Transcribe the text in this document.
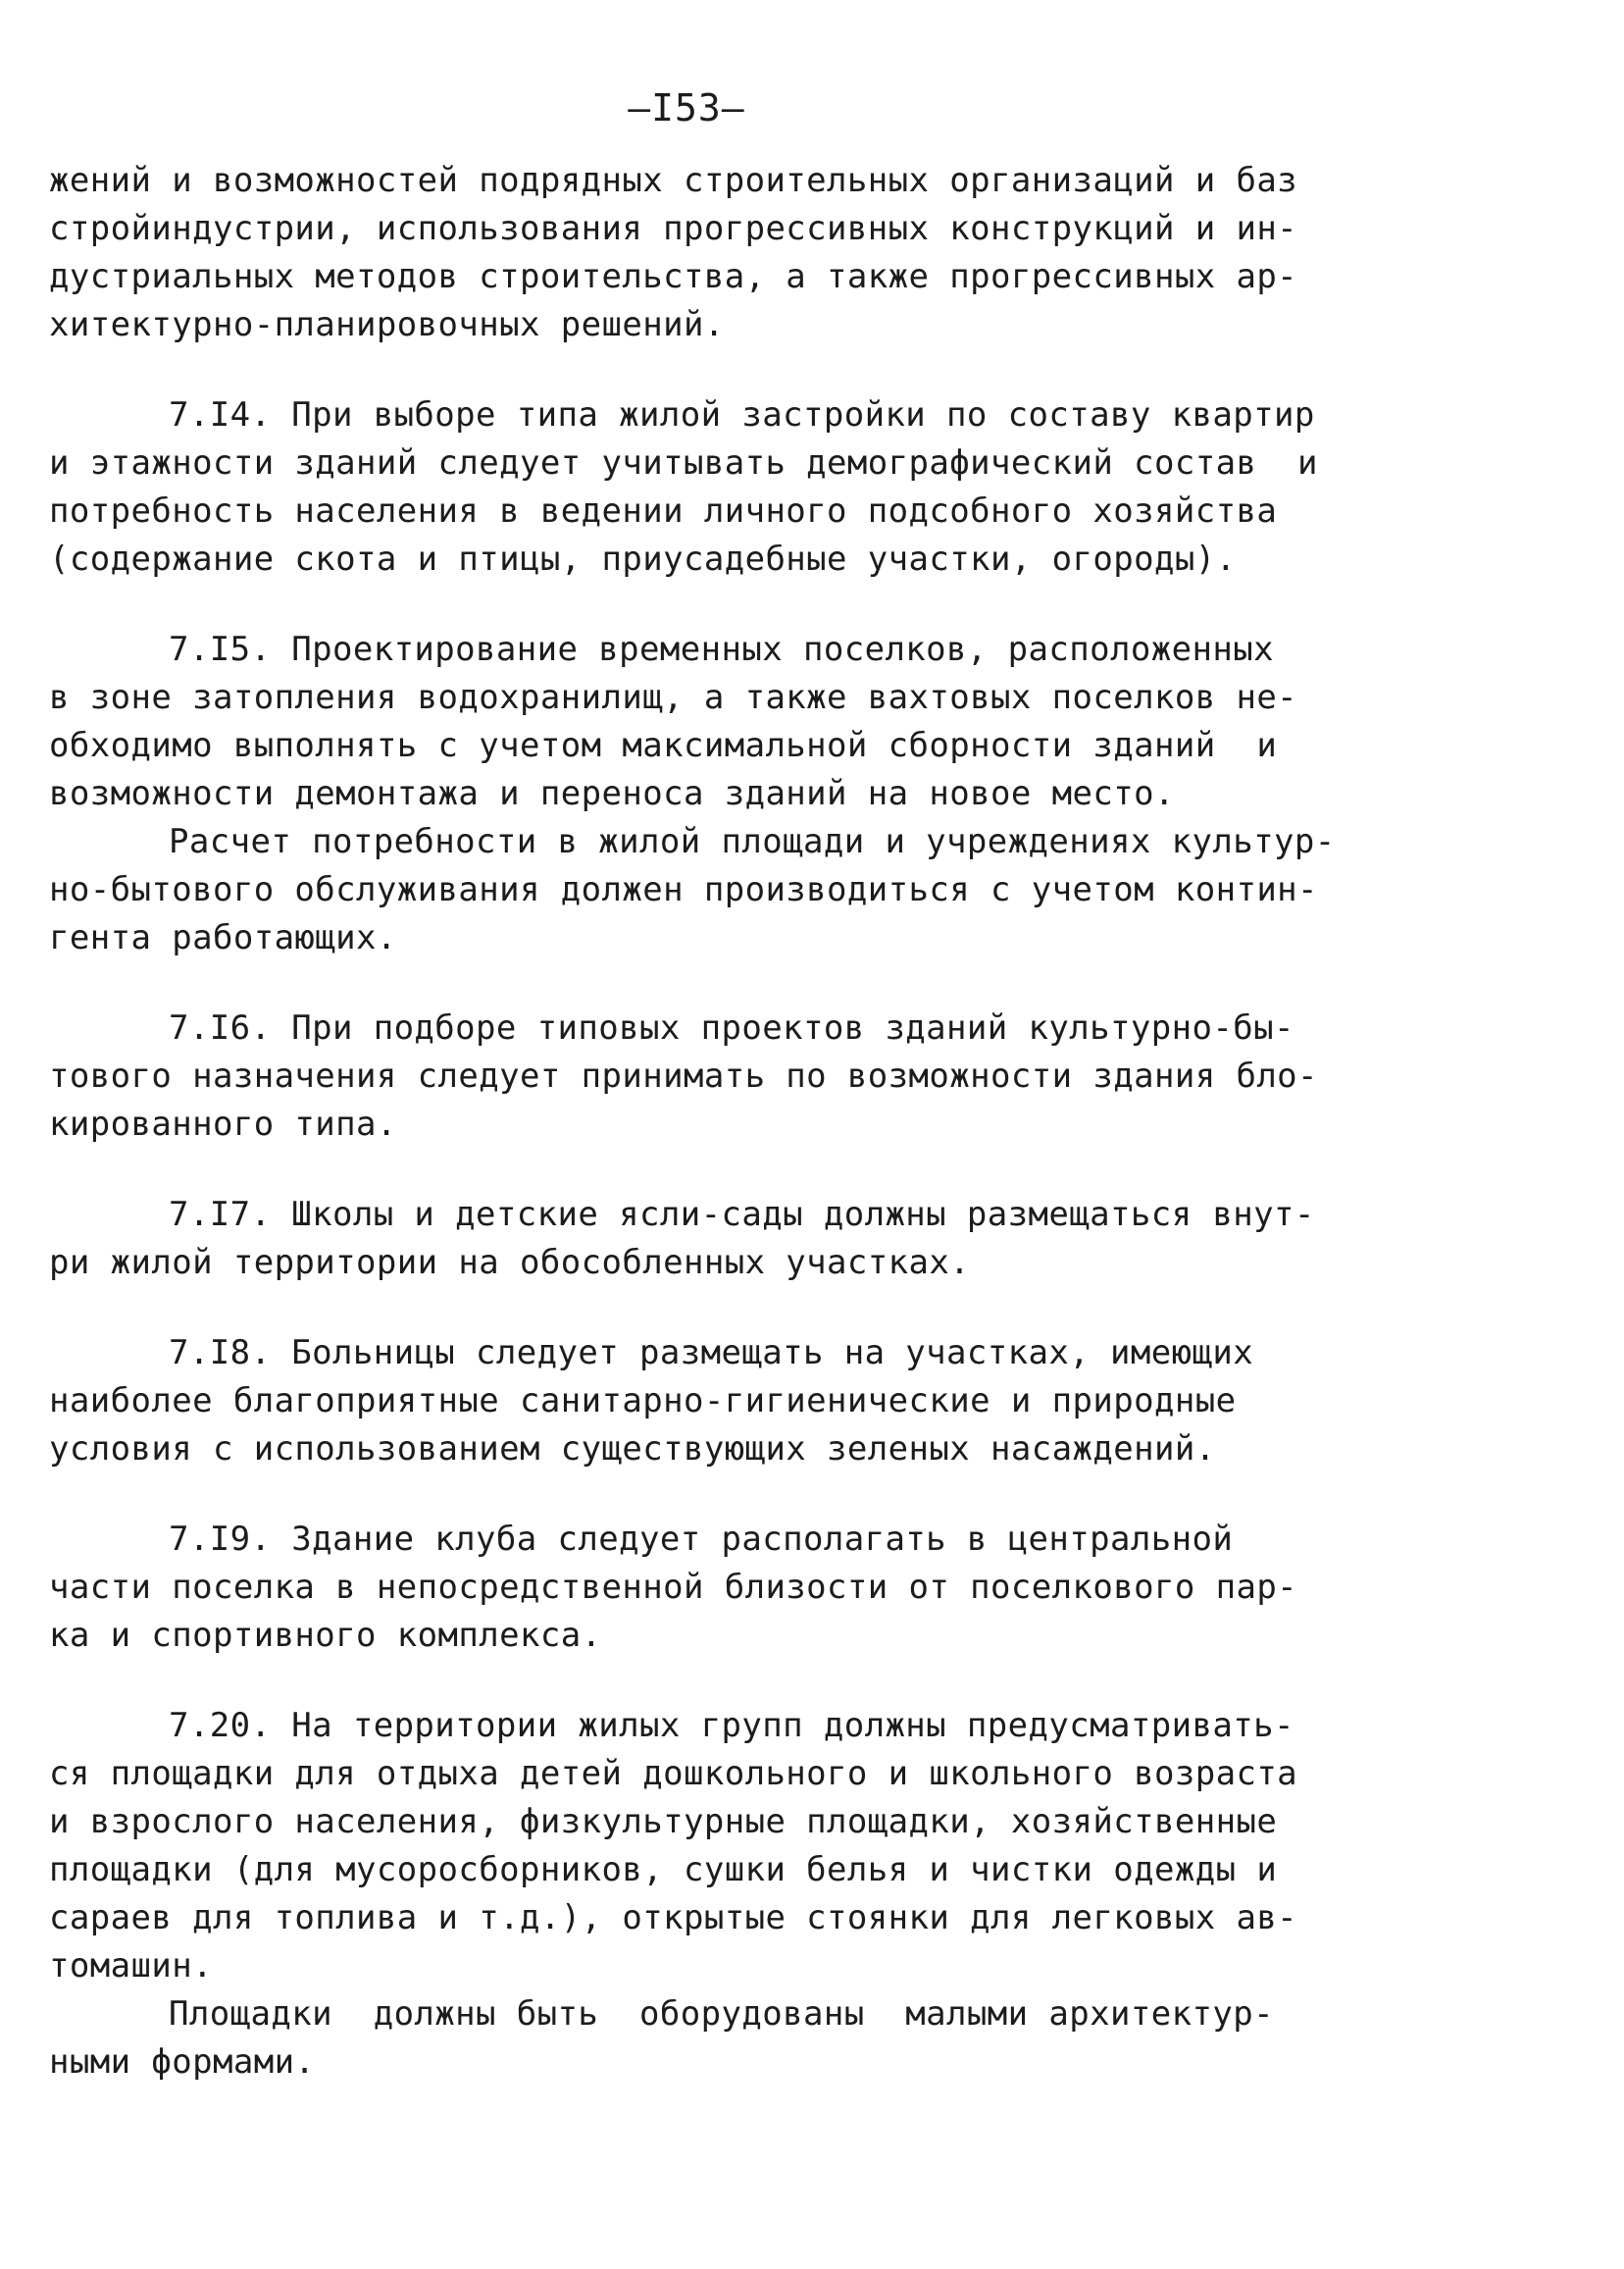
—I53—
жений и возможностей подрядных строительных организаций и баз
стройиндустрии, использования прогрессивных конструкций и ин-
дустриальных методов строительства, а также прогрессивных ар-
хитектурно-планировочных решений.
7.I4. При выборе типа жилой застройки по составу квартир
и этажности зданий следует учитывать демографический состав  и
потребность населения в ведении личного подсобного хозяйства
(содержание скота и птицы, приусадебные участки, огороды).
7.I5. Проектирование временных поселков, расположенных
в зоне затопления водохранилищ, а также вахтовых поселков не-
обходимо выполнять с учетом максимальной сборности зданий  и
возможности демонтажа и переноса зданий на новое место.
Расчет потребности в жилой площади и учреждениях культур-
но-бытового обслуживания должен производиться с учетом контин-
гента работающих.
7.I6. При подборе типовых проектов зданий культурно-бы-
тового назначения следует принимать по возможности здания бло-
кированного типа.
7.I7. Школы и детские ясли-сады должны размещаться внут-
ри жилой территории на обособленных участках.
7.I8. Больницы следует размещать на участках, имеющих
наиболее благоприятные санитарно-гигиенические и природные
условия с использованием существующих зеленых насаждений.
7.I9. Здание клуба следует располагать в центральной
части поселка в непосредственной близости от поселкового пар-
ка и спортивного комплекса.
7.20. На территории жилых групп должны предусматривать-
ся площадки для отдыха детей дошкольного и школьного возраста
и взрослого населения, физкультурные площадки, хозяйственные
площадки (для мусоросборников, сушки белья и чистки одежды и
сараев для топлива и т.д.), открытые стоянки для легковых ав-
томашин.
Площадки  должны быть  оборудованы  малыми архитектур-
ными формами.
